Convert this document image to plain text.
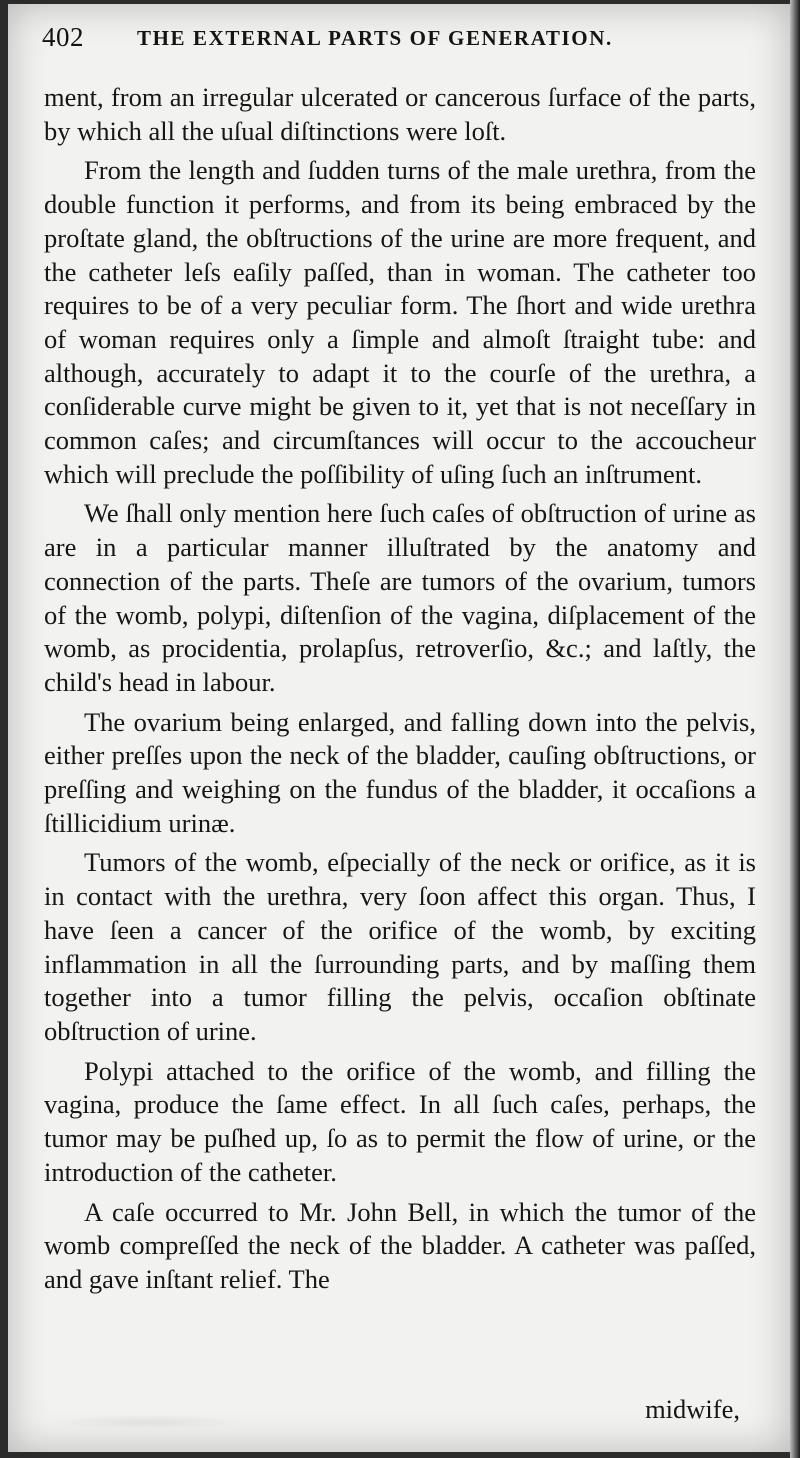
402	THE EXTERNAL PARTS OF GENERATION.

ment, from an irregular ulcerated or cancerous ſurface of the parts, by which all the uſual diſtinctions were loſt.

From the length and ſudden turns of the male urethra, from the double function it performs, and from its being embraced by the proſtate gland, the obſtructions of the urine are more frequent, and the catheter leſs eaſily paſſed, than in woman. The catheter too requires to be of a very peculiar form. The ſhort and wide urethra of woman requires only a ſimple and almoſt ſtraight tube: and although, accurately to adapt it to the courſe of the urethra, a conſiderable curve might be given to it, yet that is not neceſſary in common caſes; and circumſtances will occur to the accoucheur which will preclude the poſſibility of uſing ſuch an inſtrument.

We ſhall only mention here ſuch caſes of obſtruction of urine as are in a particular manner illuſtrated by the anatomy and connection of the parts. Theſe are tumors of the ovarium, tumors of the womb, polypi, diſtenſion of the vagina, diſplacement of the womb, as procidentia, prolapſus, retroverſio, &c.; and laſtly, the child's head in labour.

The ovarium being enlarged, and falling down into the pelvis, either preſſes upon the neck of the bladder, cauſing obſtructions, or preſſing and weighing on the fundus of the bladder, it occaſions a ſtillicidium urinæ.

Tumors of the womb, eſpecially of the neck or orifice, as it is in contact with the urethra, very ſoon affect this organ. Thus, I have ſeen a cancer of the orifice of the womb, by exciting inflammation in all the ſurrounding parts, and by maſſing them together into a tumor filling the pelvis, occaſion obſtinate obſtruction of urine.

Polypi attached to the orifice of the womb, and filling the vagina, produce the ſame effect. In all ſuch caſes, perhaps, the tumor may be puſhed up, ſo as to permit the flow of urine, or the introduction of the catheter.

A caſe occurred to Mr. John Bell, in which the tumor of the womb compreſſed the neck of the bladder. A catheter was paſſed, and gave inſtant relief. The

midwife,
